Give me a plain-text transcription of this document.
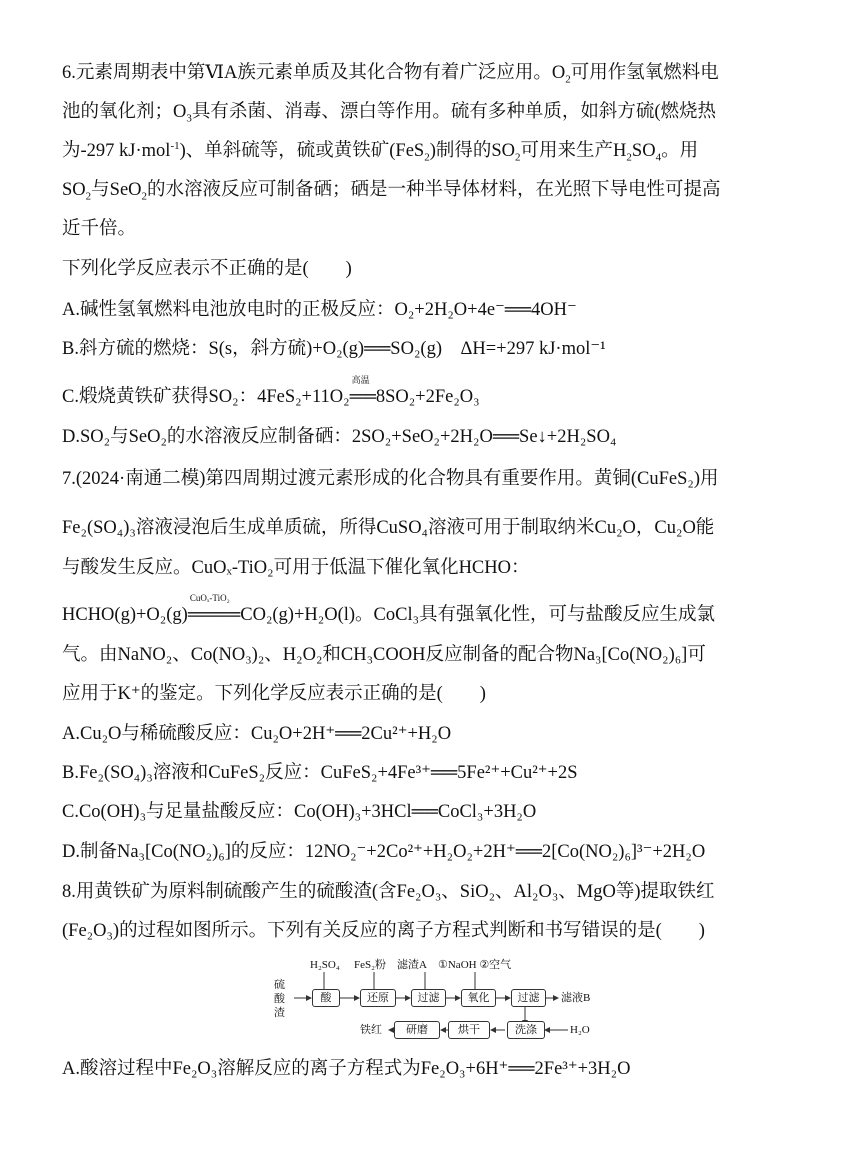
6.元素周期表中第ⅥA族元素单质及其化合物有着广泛应用。$O_2$可用作氢氧燃料电
池的氧化剂；$O_3$具有杀菌、消毒、漂白等作用。硫有多种单质，如斜方硫(燃烧热
为-297 kJ·mol$^{-1}$)、单斜硫等，硫或黄铁矿(FeS$_2$)制得的$SO_2$可用来生产$H_2SO_4$。用
$SO_2$与SeO$_2$的水溶液反应可制备硒；硒是一种半导体材料，在光照下导电性可提高
近千倍。
下列化学反应表示不正确的是(　　)
A.碱性氢氧燃料电池放电时的正极反应：O₂+2H₂O+4e⁻══4OH⁻
B.斜方硫的燃烧：S(s，斜方硫)+O₂(g)══SO₂(g)　ΔH=+297 kJ·mol⁻¹
C.煅烧黄铁矿获得SO₂：4FeS₂+11O₂
高温
══8SO₂+2Fe₂O₃
D.SO₂与SeO₂的水溶液反应制备硒：2SO₂+SeO₂+2H₂O══Se↓+2H₂SO₄
7.(2024·南通二模)第四周期过渡元素形成的化合物具有重要作用。黄铜(CuFeS₂)用
Fe₂(SO₄)₃溶液浸泡后生成单质硫，所得CuSO₄溶液可用于制取纳米Cu₂O，Cu₂O能
与酸发生反应。CuOₓ-TiO₂可用于低温下催化氧化HCHO：
HCHO(g)+O₂(g)
CuOₓ-TiO₂
════CO₂(g)+H₂O(l)。CoCl₃具有强氧化性，可与盐酸反应生成氯
气。由NaNO₂、Co(NO₃)₂、H₂O₂和CH₃COOH反应制备的配合物Na₃[Co(NO₂)₆]可
应用于K⁺的鉴定。下列化学反应表示正确的是(　　)
A.Cu₂O与稀硫酸反应：Cu₂O+2H⁺══2Cu²⁺+H₂O
B.Fe₂(SO₄)₃溶液和CuFeS₂反应：CuFeS₂+4Fe³⁺══5Fe²⁺+Cu²⁺+2S
C.Co(OH)₃与足量盐酸反应：Co(OH)₃+3HCl══CoCl₃+3H₂O
D.制备Na₃[Co(NO₂)₆]的反应：12NO₂⁻+2Co²⁺+H₂O₂+2H⁺══2[Co(NO₂)₆]³⁻+2H₂O
8.用黄铁矿为原料制硫酸产生的硫酸渣(含Fe₂O₃、SiO₂、Al₂O₃、MgO等)提取铁红
(Fe₂O₃)的过程如图所示。下列有关反应的离子方程式判断和书写错误的是(　　)
硫
酸
渣
H₂SO₄ FeS₂粉 滤渣A ①NaOH ②空气
酸	还原	过滤	氧化	过滤	滤液B
铁红	研磨	烘干	洗涤	H₂O
A.酸溶过程中Fe₂O₃溶解反应的离子方程式为Fe₂O₃+6H⁺══2Fe³⁺+3H₂O
